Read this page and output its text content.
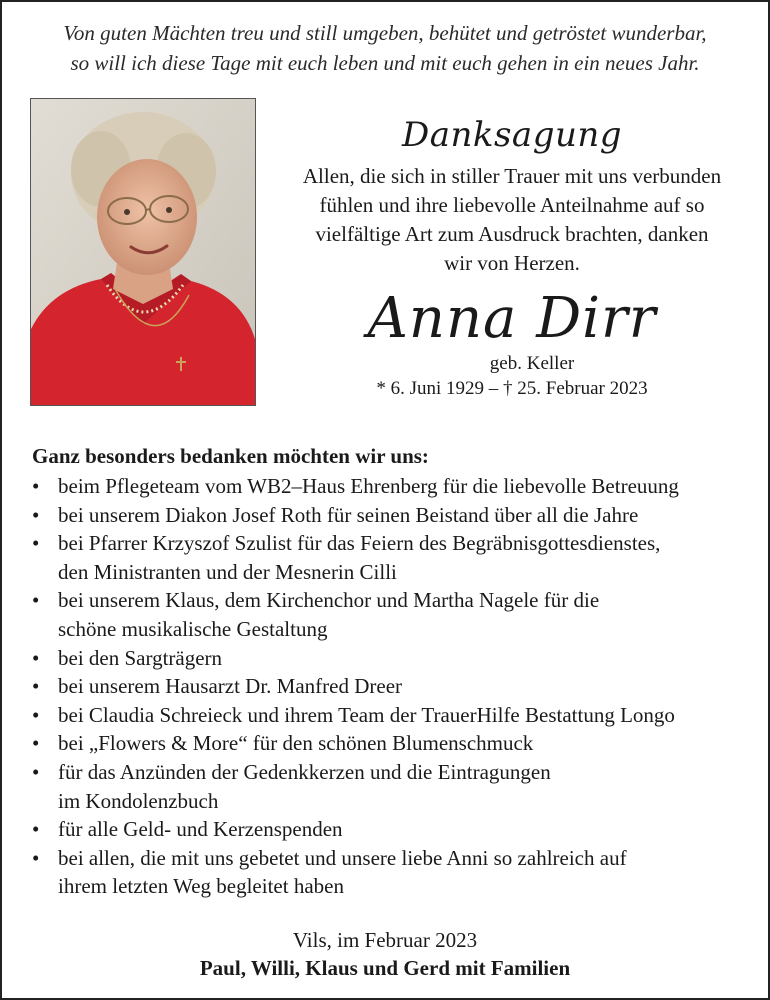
Von guten Mächten treu und still umgeben, behütet und getröstet wunderbar,
so will ich diese Tage mit euch leben und mit euch gehen in ein neues Jahr.
Danksagung
Allen, die sich in stiller Trauer mit uns verbunden
fühlen und ihre liebevolle Anteilnahme auf so
vielfältige Art zum Ausdruck brachten, danken
wir von Herzen.
Anna Dirr
geb. Keller
* 6. Juni 1929 – † 25. Februar 2023
Ganz besonders bedanken möchten wir uns:
• beim Pflegeteam vom WB2–Haus Ehrenberg für die liebevolle Betreuung
• bei unserem Diakon Josef Roth für seinen Beistand über all die Jahre
• bei Pfarrer Krzyszof Szulist für das Feiern des Begräbnisgottesdienstes,
den Ministranten und der Mesnerin Cilli
• bei unserem Klaus, dem Kirchenchor und Martha Nagele für die
schöne musikalische Gestaltung
• bei den Sargträgern
• bei unserem Hausarzt Dr. Manfred Dreer
• bei Claudia Schreieck und ihrem Team der TrauerHilfe Bestattung Longo
• bei „Flowers & More“ für den schönen Blumenschmuck
• für das Anzünden der Gedenkkerzen und die Eintragungen
im Kondolenzbuch
• für alle Geld- und Kerzenspenden
• bei allen, die mit uns gebetet und unsere liebe Anni so zahlreich auf
ihrem letzten Weg begleitet haben
Vils, im Februar 2023
Paul, Willi, Klaus und Gerd mit Familien
